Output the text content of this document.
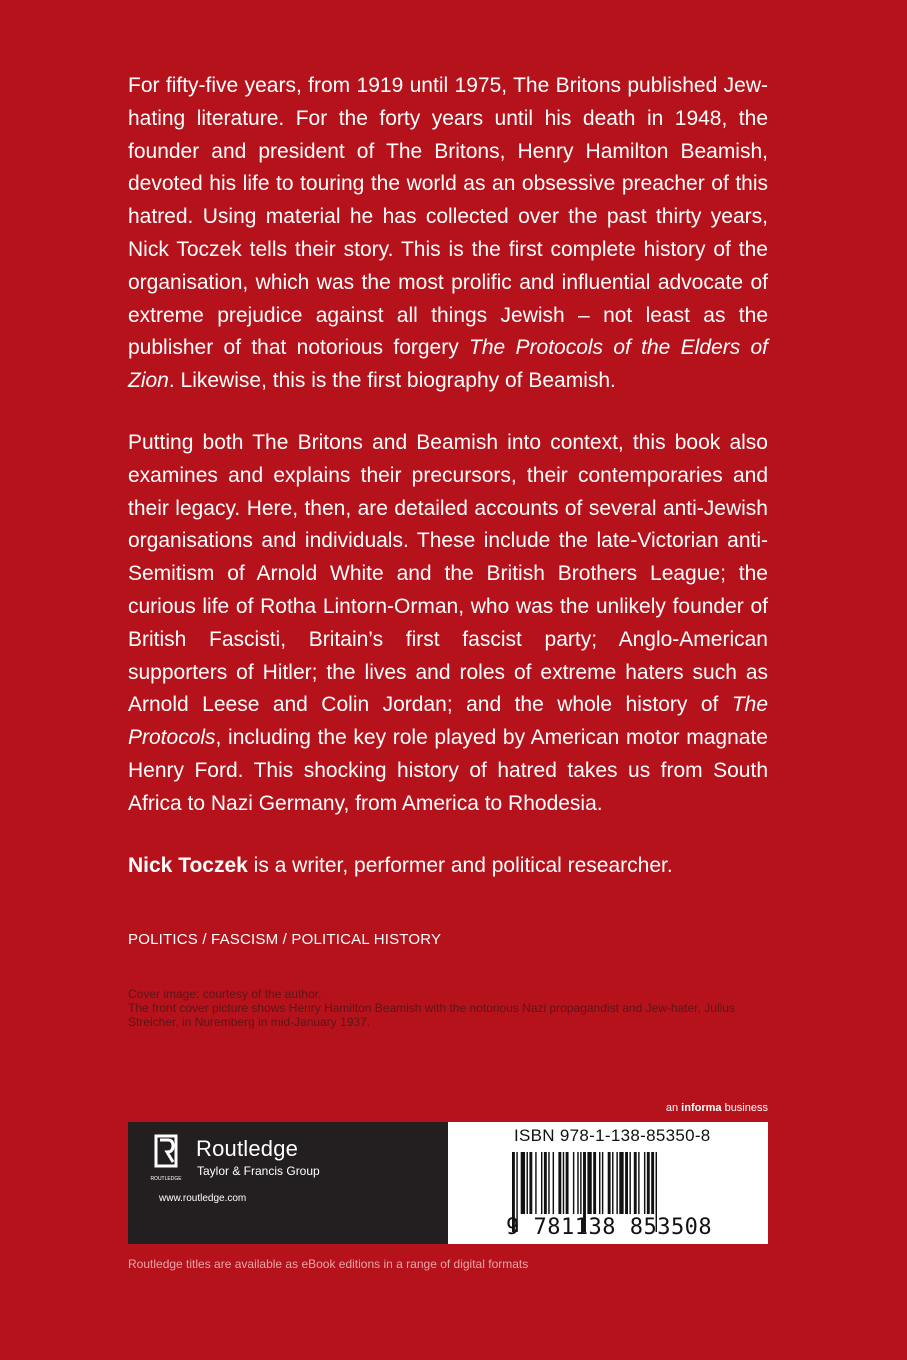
For fifty-five years, from 1919 until 1975, The Britons published Jew-hating literature. For the forty years until his death in 1948, the founder and president of The Britons, Henry Hamilton Beamish, devoted his life to touring the world as an obsessive preacher of this hatred. Using material he has collected over the past thirty years, Nick Toczek tells their story. This is the first complete history of the organisation, which was the most prolific and influential advocate of extreme prejudice against all things Jewish – not least as the publisher of that notorious forgery The Protocols of the Elders of Zion. Likewise, this is the first biography of Beamish.

Putting both The Britons and Beamish into context, this book also examines and explains their precursors, their contemporaries and their legacy. Here, then, are detailed accounts of several anti-Jewish organisations and individuals. These include the late-Victorian anti-Semitism of Arnold White and the British Brothers League; the curious life of Rotha Lintorn-Orman, who was the unlikely founder of British Fascisti, Britain’s first fascist party; Anglo-American supporters of Hitler; the lives and roles of extreme haters such as Arnold Leese and Colin Jordan; and the whole history of The Protocols, including the key role played by American motor magnate Henry Ford. This shocking history of hatred takes us from South Africa to Nazi Germany, from America to Rhodesia.

Nick Toczek is a writer, performer and political researcher.

POLITICS / FASCISM / POLITICAL HISTORY
Cover image: courtesy of the author.
The front cover picture shows Henry Hamilton Beamish with the notorious Nazi propagandist and Jew-hater, Julius Streicher, in Nuremberg in mid-January 1937.
an informa business
ROUTLEDGE
Routledge
Taylor & Francis Group
www.routledge.com
ISBN 978-1-138-85350-8
9 781138 853508
Routledge titles are available as eBook editions in a range of digital formats
